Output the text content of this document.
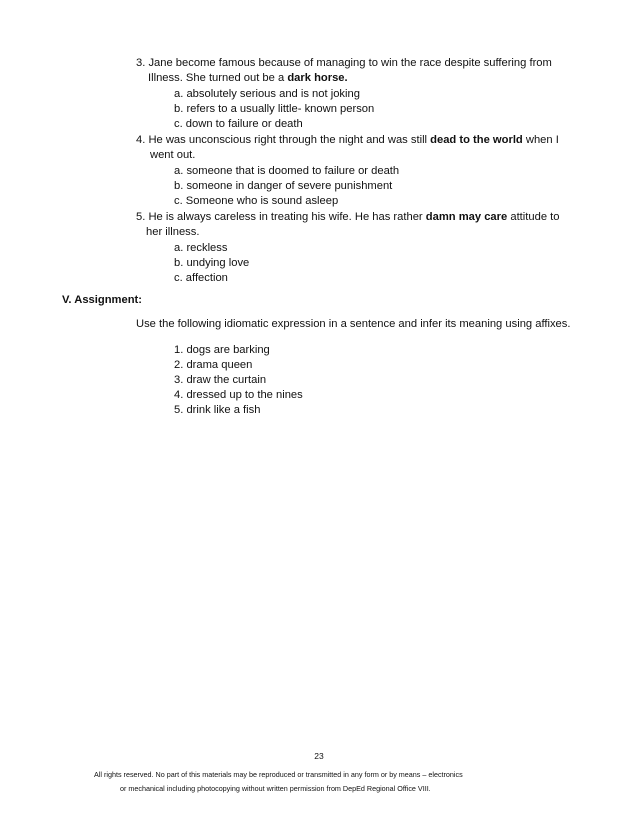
3. Jane become famous because of managing to win the race despite suffering from
Illness. She turned out be a dark horse.
a. absolutely serious and is not joking
b. refers to a usually little- known person
c. down to failure or death
4. He was unconscious right through the night and was still dead to the world when I
went out.
a. someone that is doomed to failure or death
b. someone in danger of severe punishment
c. Someone who is sound asleep
5. He is always careless in treating his wife. He has rather damn may care attitude to
her illness.
a. reckless
b. undying love
c. affection
V. Assignment:
Use the following idiomatic expression in a sentence and infer its meaning using affixes.
1. dogs are barking
2. drama queen
3. draw the curtain
4. dressed up to the nines
5. drink like a fish
23
All rights reserved. No part of this materials may be reproduced or transmitted in any form or by means – electronics
or mechanical including photocopying without written permission from DepEd Regional Office VIII.
